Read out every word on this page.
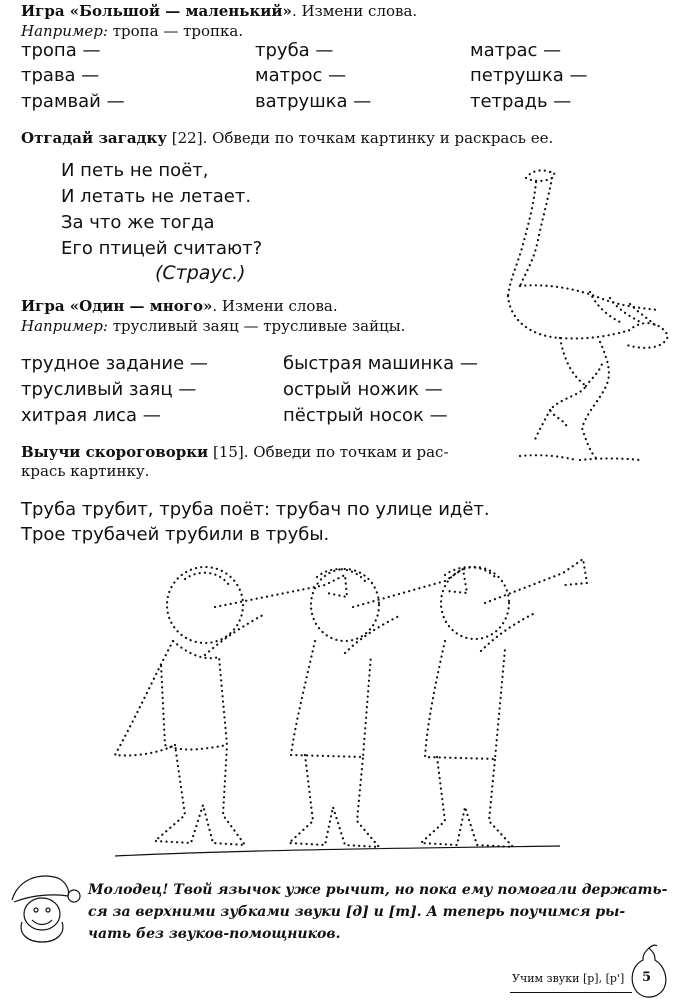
Игра «Большой — маленький». Измени слова.
Например: тропа — тропка.
тропа —	труба —	матрас —
трава —	матрос —	петрушка —
трамвай —	ватрушка —	тетрадь —
Отгадай загадку [22]. Обведи по точкам картинку и раскрась ее.
И петь не поёт,
И летать не летает.
За что же тогда
Его птицей считают?
(Страус.)
Игра «Один — много». Измени слова.
Например: трусливый заяц — трусливые зайцы.
трудное задание —	быстрая машинка —
трусливый заяц —	острый ножик —
хитрая лиса —	пёстрый носок —
Выучи скороговорки [15]. Обведи по точкам и рас-
крась картинку.
Труба трубит, труба поёт: трубач по улице идёт.
Трое трубачей трубили в трубы.
Молодец! Твой язычок уже рычит, но пока ему помогали держать-
ся за верхними зубками звуки [д] и [т]. А теперь поучимся ры-
чать без звуков-помощников.
Учим звуки [р], [р'] 5
